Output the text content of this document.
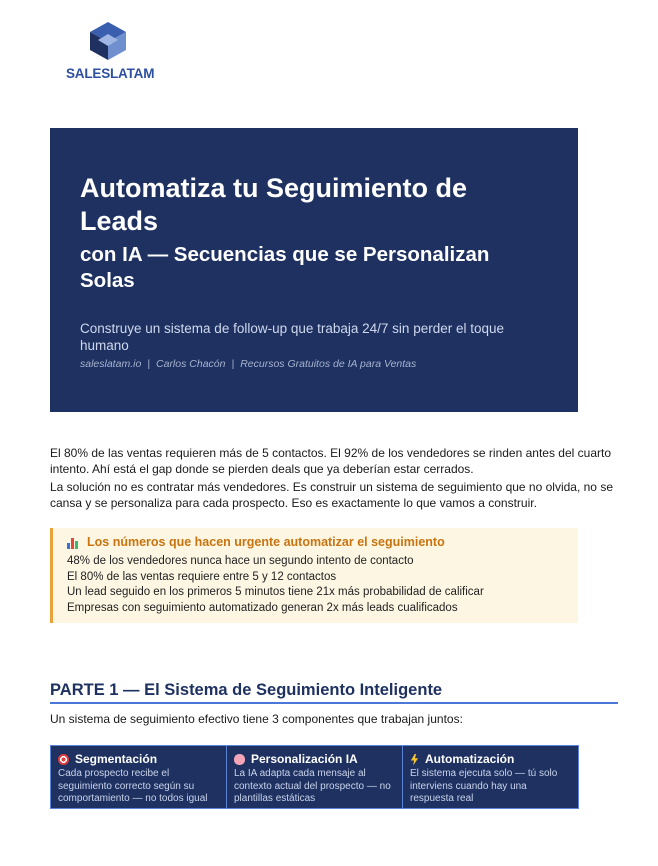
SALESLATAM
Automatiza tu Seguimiento de Leads
con IA — Secuencias que se Personalizan Solas

Construye un sistema de follow-up que trabaja 24/7 sin perder el toque humano

saleslatam.io | Carlos Chacón | Recursos Gratuitos de IA para Ventas

El 80% de las ventas requieren más de 5 contactos. El 92% de los vendedores se rinden antes del cuarto intento. Ahí está el gap donde se pierden deals que ya deberían estar cerrados.

La solución no es contratar más vendedores. Es construir un sistema de seguimiento que no olvida, no se cansa y se personaliza para cada prospecto. Eso es exactamente lo que vamos a construir.

Los números que hacen urgente automatizar el seguimiento
48% de los vendedores nunca hace un segundo intento de contacto
El 80% de las ventas requiere entre 5 y 12 contactos
Un lead seguido en los primeros 5 minutos tiene 21x más probabilidad de calificar
Empresas con seguimiento automatizado generan 2x más leads cualificados
PARTE 1 — El Sistema de Seguimiento Inteligente

Un sistema de seguimiento efectivo tiene 3 componentes que trabajan juntos:

Segmentación

Cada prospecto recibe el seguimiento correcto según su comportamiento — no todos igual

Personalización IA

La IA adapta cada mensaje al contexto actual del prospecto — no plantillas estáticas

Automatización

El sistema ejecuta solo — tú solo interviens cuando hay una respuesta real
